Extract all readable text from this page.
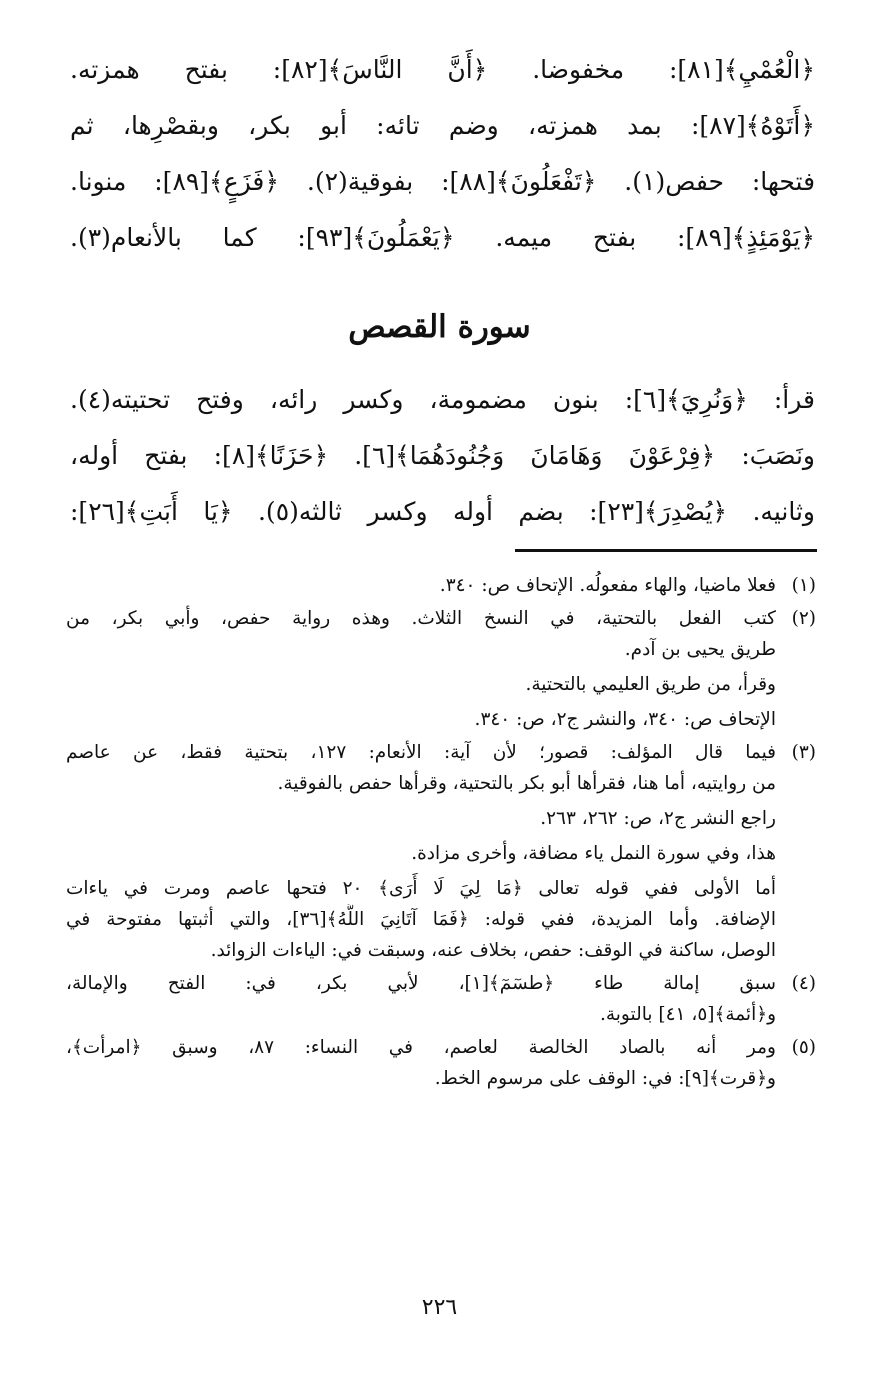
﴿الْعُمْيِ﴾[٨١]: مخفوضا. ﴿أَنَّ النَّاسَ﴾[٨٢]: بفتح همزته.
﴿أَتَوْهُ﴾[٨٧]: بمد همزته، وضم تائه: أبو بكر، وبقصْرِها، ثم
فتحها: حفص(١). ﴿تَفْعَلُونَ﴾[٨٨]: بفوقية(٢). ﴿فَزَعٍ﴾[٨٩]: منونا.
﴿يَوْمَئِذٍ﴾[٨٩]: بفتح ميمه. ﴿يَعْمَلُونَ﴾[٩٣]: كما بالأنعام(٣).
سورة القصص
قرأ: ﴿وَنُرِيَ﴾[٦]: بنون مضمومة، وكسر رائه، وفتح تحتيته(٤).
ونَصَبَ: ﴿فِرْعَوْنَ وَهَامَانَ وَجُنُودَهُمَا﴾[٦]. ﴿حَزَنًا﴾[٨]: بفتح أوله،
وثانيه. ﴿يُصْدِرَ﴾[٢٣]: بضم أوله وكسر ثالثه(٥). ﴿يَا أَبَتِ﴾[٢٦]:
(١)
فعلا ماضيا، والهاء مفعولُه. الإتحاف ص: ٣٤٠.
(٢)
كتب الفعل بالتحتية، في النسخ الثلاث. وهذه رواية حفص، وأبي بكر، من
طريق يحيى بن آدم.
وقرأ، من طريق العليمي بالتحتية.
الإتحاف ص: ٣٤٠، والنشر ج٢، ص: ٣٤٠.
(٣)
فيما قال المؤلف: قصور؛ لأن آية: الأنعام: ١٢٧، بتحتية فقط، عن عاصم
من روايتيه، أما هنا، فقرأها أبو بكر بالتحتية، وقرأها حفص بالفوقية.
راجع النشر ج٢، ص: ٢٦٢، ٢٦٣.
هذا، وفي سورة النمل ياء مضافة، وأخرى مزادة.
أما الأولى ففي قوله تعالى ﴿مَا لِيَ لَا أَرَى﴾ ٢٠ فتحها عاصم ومرت في ياءات
الإضافة. وأما المزيدة، ففي قوله: ﴿فَمَا آتَانِيَ اللَّهُ﴾[٣٦]، والتي أثبتها مفتوحة في
الوصل، ساكنة في الوقف: حفص، بخلاف عنه، وسبقت في: الياءات الزوائد.
(٤)
سبق إمالة طاء ﴿طسٓمٓ﴾[١]، لأبي بكر، في: الفتح والإمالة،
و﴿أئمة﴾[٥، ٤١] بالتوبة.
(٥)
ومر أنه بالصاد الخالصة لعاصم، في النساء: ٨٧، وسبق ﴿امرأت﴾،
و﴿قرت﴾[٩]: في: الوقف على مرسوم الخط.
٢٢٦
